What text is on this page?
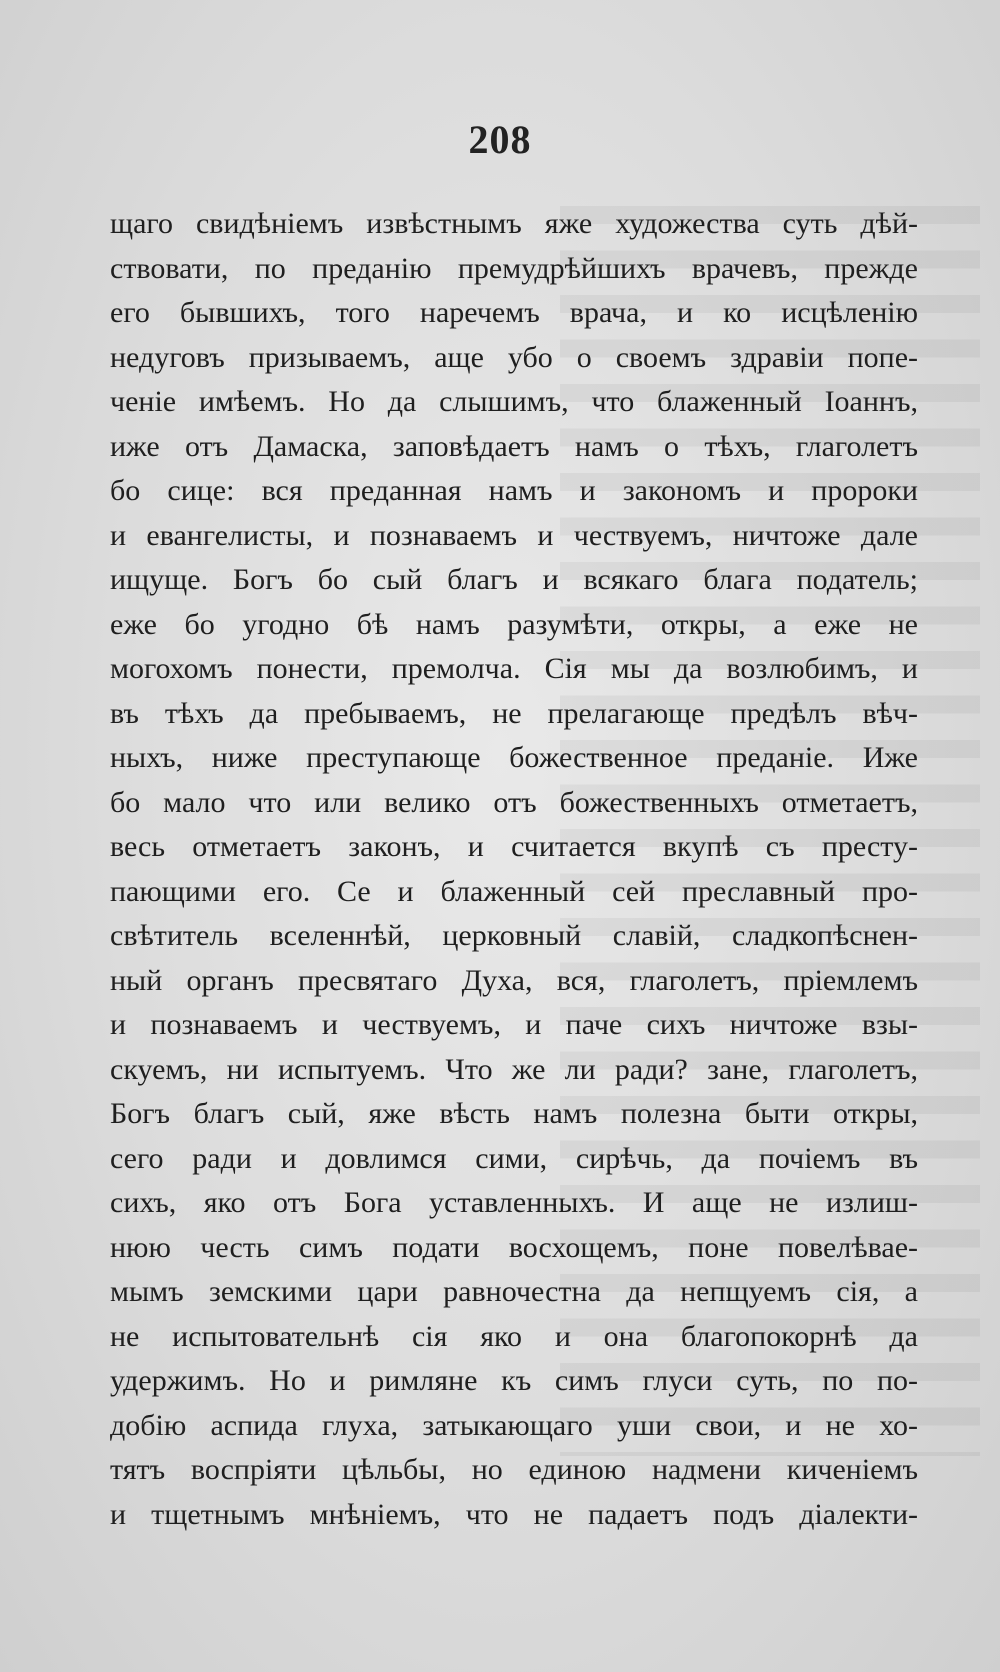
208
щаго свидѣніемъ извѣстнымъ яже художества суть дѣй-
ствовати, по преданію премудрѣйшихъ врачевъ, прежде
его бывшихъ, того наречемъ врача, и ко исцѣленію
недуговъ призываемъ, аще убо о своемъ здравіи попе-
ченіе имѣемъ. Но да слышимъ, что блаженный Іоаннъ,
иже отъ Дамаска, заповѣдаетъ намъ о тѣхъ, глаголетъ
бо сице: вся преданная намъ и закономъ и пророки
и евангелисты, и познаваемъ и чествуемъ, ничтоже дале
ищуще. Богъ бо сый благъ и всякаго блага податель;
еже бо угодно бѣ намъ разумѣти, откры, а еже не
могохомъ понести, премолча. Сія мы да возлюбимъ, и
въ тѣхъ да пребываемъ, не прелагающе предѣлъ вѣч-
ныхъ, ниже преступающе божественное преданіе. Иже
бо мало что или велико отъ божественныхъ отметаетъ,
весь отметаетъ законъ, и считается вкупѣ съ престу-
пающими его. Се и блаженный сей преславный про-
свѣтитель вселеннѣй, церковный славій, сладкопѣснен-
ный органъ пресвятаго Духа, вся, глаголетъ, пріемлемъ
и познаваемъ и чествуемъ, и паче сихъ ничтоже взы-
скуемъ, ни испытуемъ. Что же ли ради? зане, глаголетъ,
Богъ благъ сый, яже вѣсть намъ полезна быти откры,
сего ради и довлимся сими, сирѣчь, да почіемъ въ
сихъ, яко отъ Бога уставленныхъ. И аще не излиш-
нюю честь симъ подати восхощемъ, поне повелѣвае-
мымъ земскими цари равночестна да непщуемъ сія, а
не испытовательнѣ сія яко и она благопокорнѣ да
удержимъ. Но и римляне къ симъ глуси суть, по по-
добію аспида глуха, затыкающаго уши свои, и не хо-
тятъ воспріяти цѣльбы, но единою надмени киченіемъ
и тщетнымъ мнѣніемъ, что не падаетъ подъ діалекти-
